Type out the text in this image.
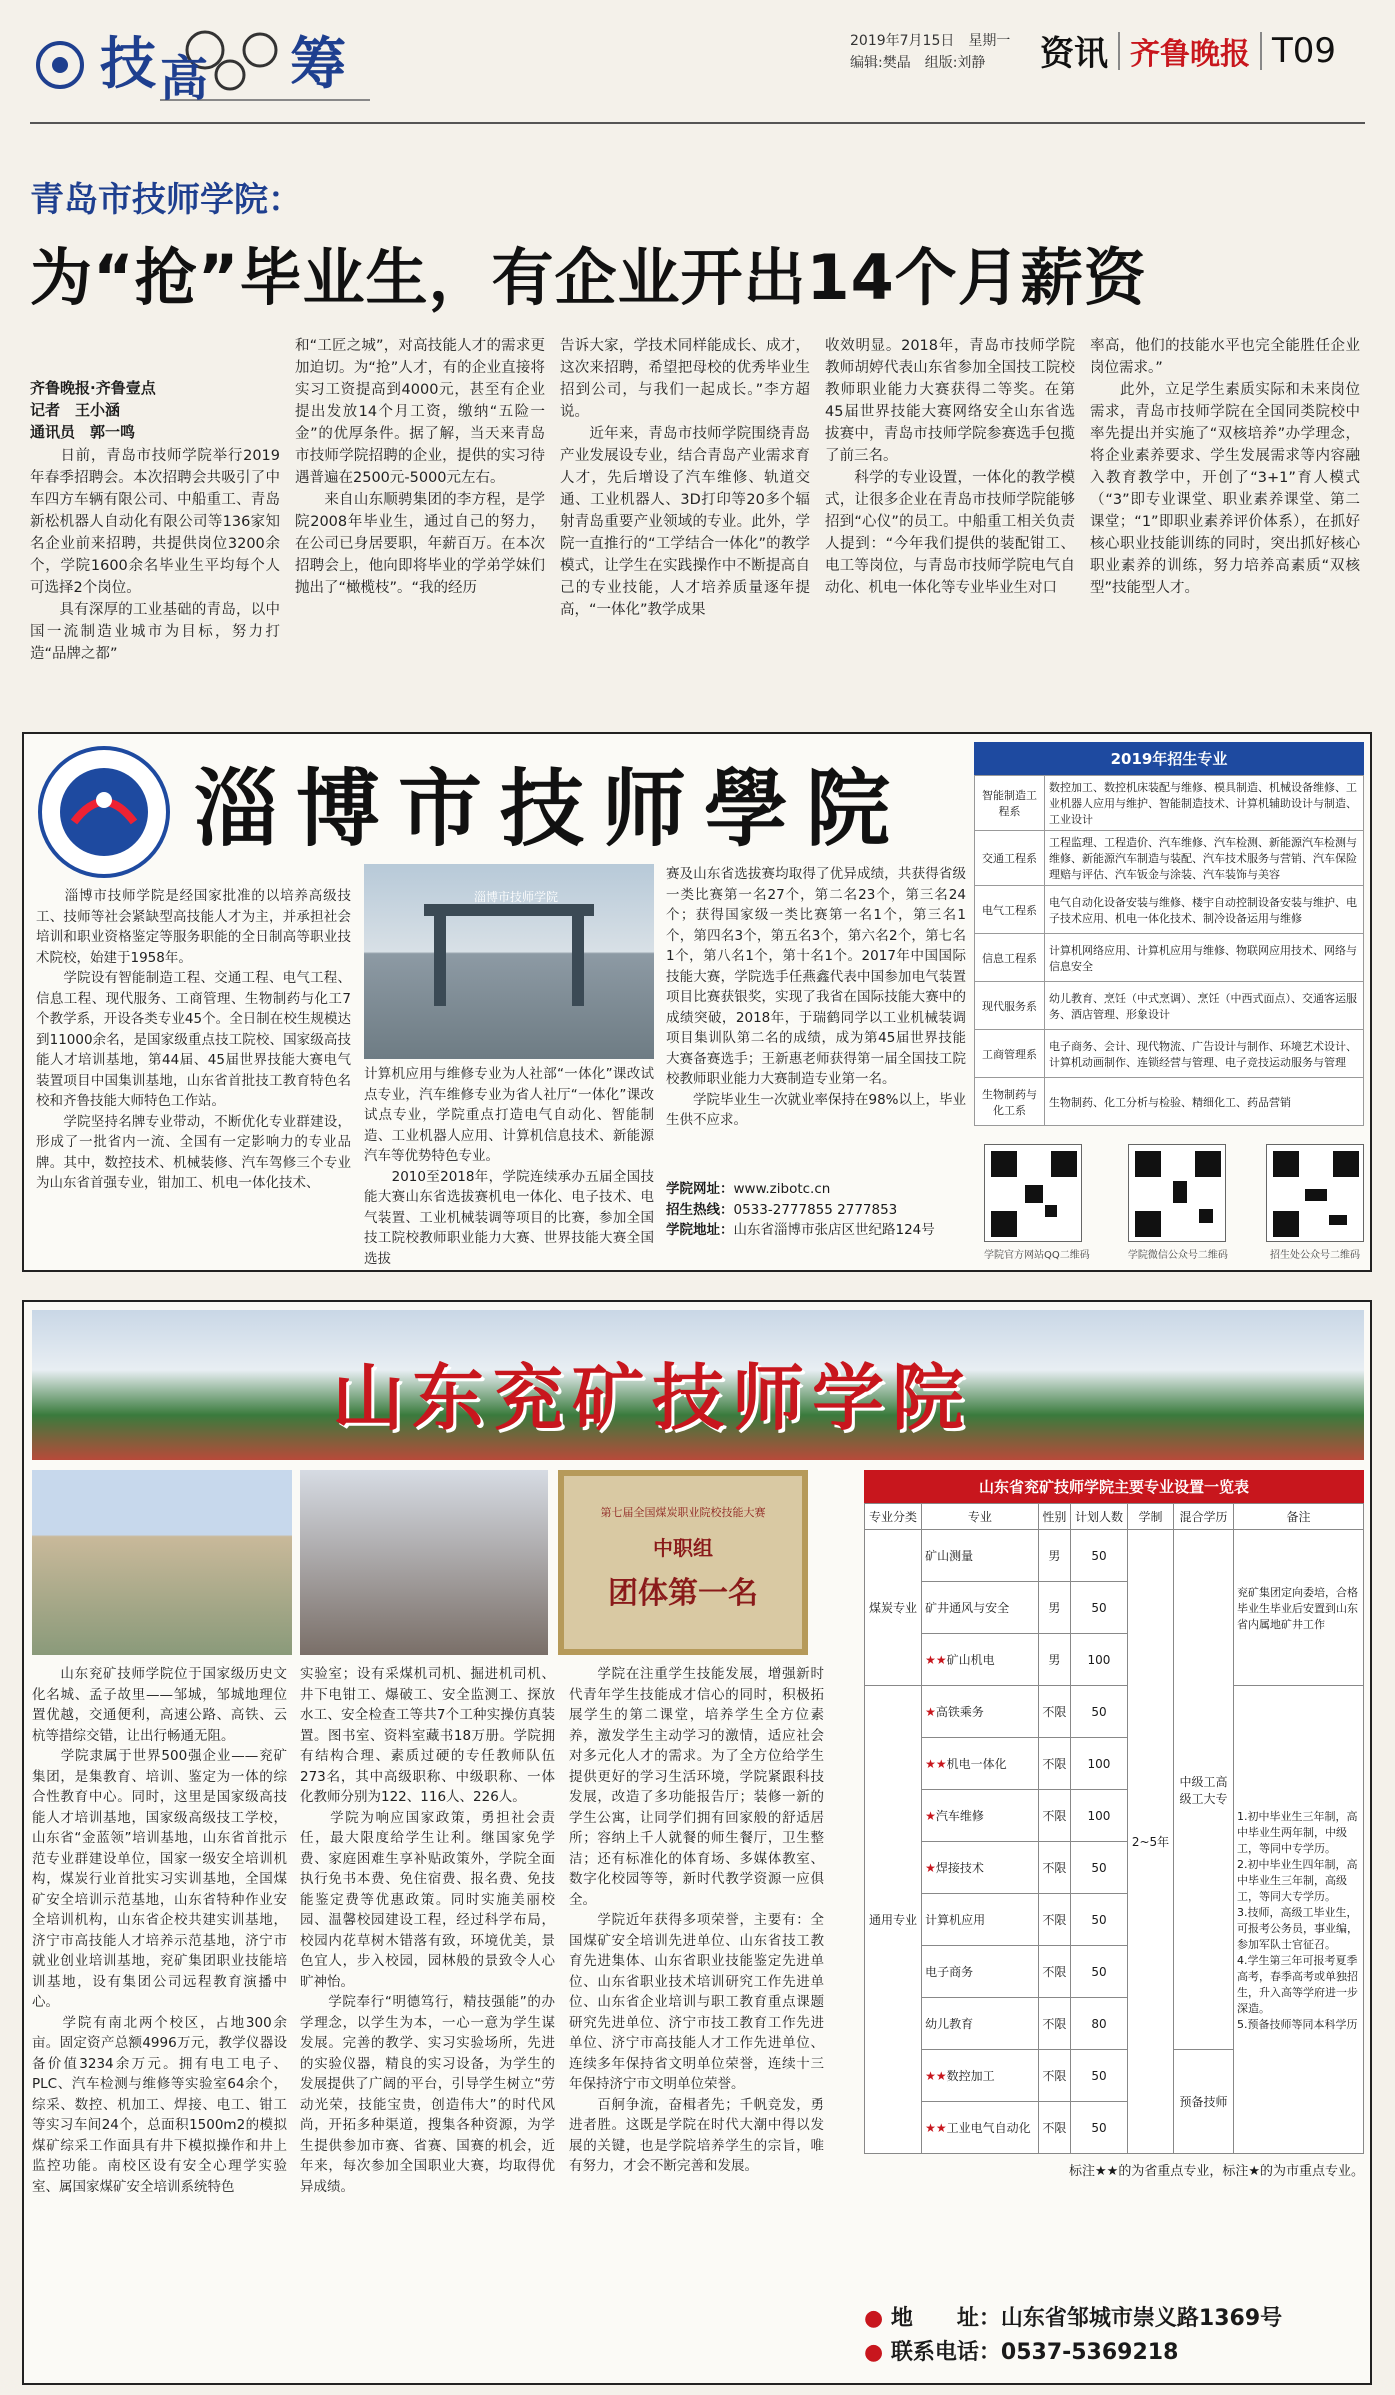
技 高 筹	2019年7月15日　星期一
编辑:樊晶　组版:刘静	资讯 齐鲁晚报 T09
青岛市技师学院：
为“抢”毕业生，有企业开出14个月薪资
齐鲁晚报·齐鲁壹点
记者　王小涵
通讯员　郭一鸣
　　日前，青岛市技师学院举行2019年春季招聘会。本次招聘会共吸引了中车四方车辆有限公司、中船重工、青岛新松机器人自动化有限公司等136家知名企业前来招聘，共提供岗位3200余个，学院1600余名毕业生平均每个人可选择2个岗位。
　　具有深厚的工业基础的青岛，以中国一流制造业城市为目标，努力打造“品牌之都”
和“工匠之城”，对高技能人才的需求更加迫切。为“抢”人才，有的企业直接将实习工资提高到4000元，甚至有企业提出发放14个月工资，缴纳“五险一金”的优厚条件。据了解，当天来青岛市技师学院招聘的企业，提供的实习待遇普遍在2500元-5000元左右。
　　来自山东顺骋集团的李方程，是学院2008年毕业生，通过自己的努力，在公司已身居要职，年薪百万。在本次招聘会上，他向即将毕业的学弟学妹们抛出了“橄榄枝”。“我的经历
告诉大家，学技术同样能成长、成才，这次来招聘，希望把母校的优秀毕业生招到公司，与我们一起成长。”李方超说。
　　近年来，青岛市技师学院围绕青岛产业发展设专业，结合青岛产业需求育人才，先后增设了汽车维修、轨道交通、工业机器人、3D打印等20多个辐射青岛重要产业领域的专业。此外，学院一直推行的“工学结合一体化”的教学模式，让学生在实践操作中不断提高自己的专业技能，人才培养质量逐年提高，“一体化”教学成果
收效明显。2018年，青岛市技师学院教师胡婷代表山东省参加全国技工院校教师职业能力大赛获得二等奖。在第45届世界技能大赛网络安全山东省选拔赛中，青岛市技师学院参赛选手包揽了前三名。
　　科学的专业设置，一体化的教学模式，让很多企业在青岛市技师学院能够招到“心仪”的员工。中船重工相关负责人提到：“今年我们提供的装配钳工、电工等岗位，与青岛市技师学院电气自动化、机电一体化等专业毕业生对口
率高，他们的技能水平也完全能胜任企业岗位需求。”
　　此外，立足学生素质实际和未来岗位需求，青岛市技师学院在全国同类院校中率先提出并实施了“双核培养”办学理念，将企业素养要求、学生发展需求等内容融入教育教学中，开创了“3+1”育人模式（“3”即专业课堂、职业素养课堂、第二课堂；“1”即职业素养评价体系），在抓好核心职业技能训练的同时，突出抓好核心职业素养的训练，努力培养高素质“双核型”技能型人才。
淄博市技师學院
淄博市技师学院
　　淄博市技师学院是经国家批准的以培养高级技工、技师等社会紧缺型高技能人才为主，并承担社会培训和职业资格鉴定等服务职能的全日制高等职业技术院校，始建于1958年。
　　学院设有智能制造工程、交通工程、电气工程、信息工程、现代服务、工商管理、生物制药与化工7个教学系，开设各类专业45个。全日制在校生规模达到11000余名，是国家级重点技工院校、国家级高技能人才培训基地，第44届、45届世界技能大赛电气装置项目中国集训基地，山东省首批技工教育特色名校和齐鲁技能大师特色工作站。
　　学院坚持名牌专业带动，不断优化专业群建设，形成了一批省内一流、全国有一定影响力的专业品牌。其中，数控技术、机械装修、汽车驾修三个专业为山东省首强专业，钳加工、机电一体化技术、
计算机应用与维修专业为人社部“一体化”课改试点专业，汽车维修专业为省人社厅“一体化”课改试点专业，学院重点打造电气自动化、智能制造、工业机器人应用、计算机信息技术、新能源汽车等优势特色专业。
　　2010至2018年，学院连续承办五届全国技能大赛山东省选拔赛机电一体化、电子技术、电气装置、工业机械装调等项目的比赛，参加全国技工院校教师职业能力大赛、世界技能大赛全国选拔
赛及山东省选拔赛均取得了优异成绩，共获得省级一类比赛第一名27个，第二名23个，第三名24个；获得国家级一类比赛第一名1个，第三名1个，第四名3个，第五名3个，第六名2个，第七名1个，第八名1个，第十名1个。2017年中国国际技能大赛，学院选手任燕鑫代表中国参加电气装置项目比赛获银奖，实现了我省在国际技能大赛中的成绩突破，2018年，于瑞鹤同学以工业机械装调项目集训队第二名的成绩，成为第45届世界技能大赛备赛选手；王新惠老师获得第一届全国技工院校教师职业能力大赛制造专业第一名。
　　学院毕业生一次就业率保持在98%以上，毕业生供不应求。
学院网址：www.zibotc.cn
招生热线：0533-2777855 2777853
学院地址：山东省淄博市张店区世纪路124号
2019年招生专业
智能制造工程系	数控加工、数控机床装配与维修、模具制造、机械设备维修、工业机器人应用与维护、智能制造技术、计算机辅助设计与制造、工业设计
交通工程系	工程监理、工程造价、汽车维修、汽车检测、新能源汽车检测与维修、新能源汽车制造与装配、汽车技术服务与营销、汽车保险理赔与评估、汽车钣金与涂装、汽车装饰与美容
电气工程系	电气自动化设备安装与维修、楼宇自动控制设备安装与维护、电子技术应用、机电一体化技术、制冷设备运用与维修
信息工程系	计算机网络应用、计算机应用与维修、物联网应用技术、网络与信息安全
现代服务系	幼儿教育、烹饪（中式烹调）、烹饪（中西式面点）、交通客运服务、酒店管理、形象设计
工商管理系	电子商务、会计、现代物流、广告设计与制作、环境艺术设计、计算机动画制作、连锁经营与管理、电子竞技运动服务与管理
生物制药与化工系	生物制药、化工分析与检验、精细化工、药品营销
学院官方网站QQ二维码	学院微信公众号二维码	招生处公众号二维码
山东兖矿技师学院
第七届全国煤炭职业院校技能大赛
中职组
团体第一名
　　山东兖矿技师学院位于国家级历史文化名城、孟子故里——邹城，邹城地理位置优越，交通便利，高速公路、高铁、云杭等措综交错，让出行畅通无阻。
　　学院隶属于世界500强企业——兖矿集团，是集教育、培训、鉴定为一体的综合性教育中心。同时，这里是国家级高技能人才培训基地，国家级高级技工学校，山东省“金蓝领”培训基地，山东省首批示范专业群建设单位，国家一级安全培训机构，煤炭行业首批实习实训基地，全国煤矿安全培训示范基地，山东省特种作业安全培训机构，山东省企校共建实训基地，济宁市高技能人才培养示范基地，济宁市就业创业培训基地，兖矿集团职业技能培训基地，设有集团公司远程教育演播中心。
　　学院有南北两个校区，占地300余亩。固定资产总额4996万元，教学仪器设备价值3234余万元。拥有电工电子、PLC、汽车检测与维修等实验室64余个，综采、数控、机加工、焊接、电工、钳工等实习车间24个，总面积1500m2的模拟煤矿综采工作面具有井下模拟操作和井上监控功能。南校区设有安全心理学实验室、属国家煤矿安全培训系统特色
实验室；设有采煤机司机、掘进机司机、井下电钳工、爆破工、安全监测工、探放水工、安全检查工等共7个工种实操仿真装置。图书室、资料室藏书18万册。学院拥有结构合理、素质过硬的专任教师队伍273名，其中高级职称、中级职称、一体化教师分别为122、116人、226人。
　　学院为响应国家政策，勇担社会责任，最大限度给学生让利。继国家免学费、家庭困难生享补贴政策外，学院全面执行免书本费、免住宿费、报名费、免技能鉴定费等优惠政策。同时实施美丽校园、温馨校园建设工程，经过科学布局，校园内花草树木错落有致，环境优美，景色宜人，步入校园，园林般的景致令人心旷神怡。
　　学院奉行“明德笃行，精技强能”的办学理念，以学生为本，一心一意为学生谋发展。完善的教学、实习实验场所，先进的实验仪器，精良的实习设备，为学生的发展提供了广阔的平台，引导学生树立“劳动光荣，技能宝贵，创造伟大”的时代风尚，开拓多种渠道，搜集各种资源，为学生提供参加市赛、省赛、国赛的机会，近年来，每次参加全国职业大赛，均取得优异成绩。
　　学院在注重学生技能发展，增强新时代青年学生技能成才信心的同时，积极拓展学生的第二课堂，培养学生全方位素养，激发学生主动学习的激情，适应社会对多元化人才的需求。为了全方位给学生提供更好的学习生活环境，学院紧跟科技发展，改造了多功能报告厅；装修一新的学生公寓，让同学们拥有回家般的舒适居所；容纳上千人就餐的师生餐厅，卫生整洁；还有标准化的体育场、多媒体教室、数字化校园等等，新时代教学资源一应俱全。
　　学院近年获得多项荣誉，主要有：全国煤矿安全培训先进单位、山东省技工教育先进集体、山东省职业技能鉴定先进单位、山东省职业技术培训研究工作先进单位、山东省企业培训与职工教育重点课题研究先进单位、济宁市技工教育工作先进单位、济宁市高技能人才工作先进单位、连续多年保持省文明单位荣誉，连续十三年保持济宁市文明单位荣誉。
　　百舸争流，奋楫者先；千帆竞发，勇进者胜。这既是学院在时代大潮中得以发展的关键，也是学院培养学生的宗旨，唯有努力，才会不断完善和发展。
山东省兖矿技师学院主要专业设置一览表
专业分类	专业	性别	计划人数	学制	混合学历	备注
煤炭专业	矿山测量	男	50	2~5年	中级工高级工大专	兖矿集团定向委培，合格毕业生毕业后安置到山东省内属地矿井工作
	矿井通风与安全	男	50			
	★★矿山机电	男	100			
通用专业	★高铁乘务	不限	50			1.初中毕业生三年制，高中毕业生两年制，中级工，等同中专学历。
2.初中毕业生四年制，高中毕业生三年制，高级工，等同大专学历。
3.技师，高级工毕业生，可报考公务员，事业编，参加军队士官征召。
4.学生第三年可报考夏季高考，春季高考或单独招生，升入高等学府进一步深造。
5.预备技师等同本科学历
	★★机电一体化	不限	100			
	★汽车维修	不限	100			
	★焊接技术	不限	50			
	计算机应用	不限	50			
	电子商务	不限	50			
	幼儿教育	不限	80			
	★★数控加工	不限	50		预备技师	
	★★工业电气自动化	不限	50			
标注★★的为省重点专业，标注★的为市重点专业。
● 地　　址：山东省邹城市崇义路1369号
● 联系电话：0537-5369218
